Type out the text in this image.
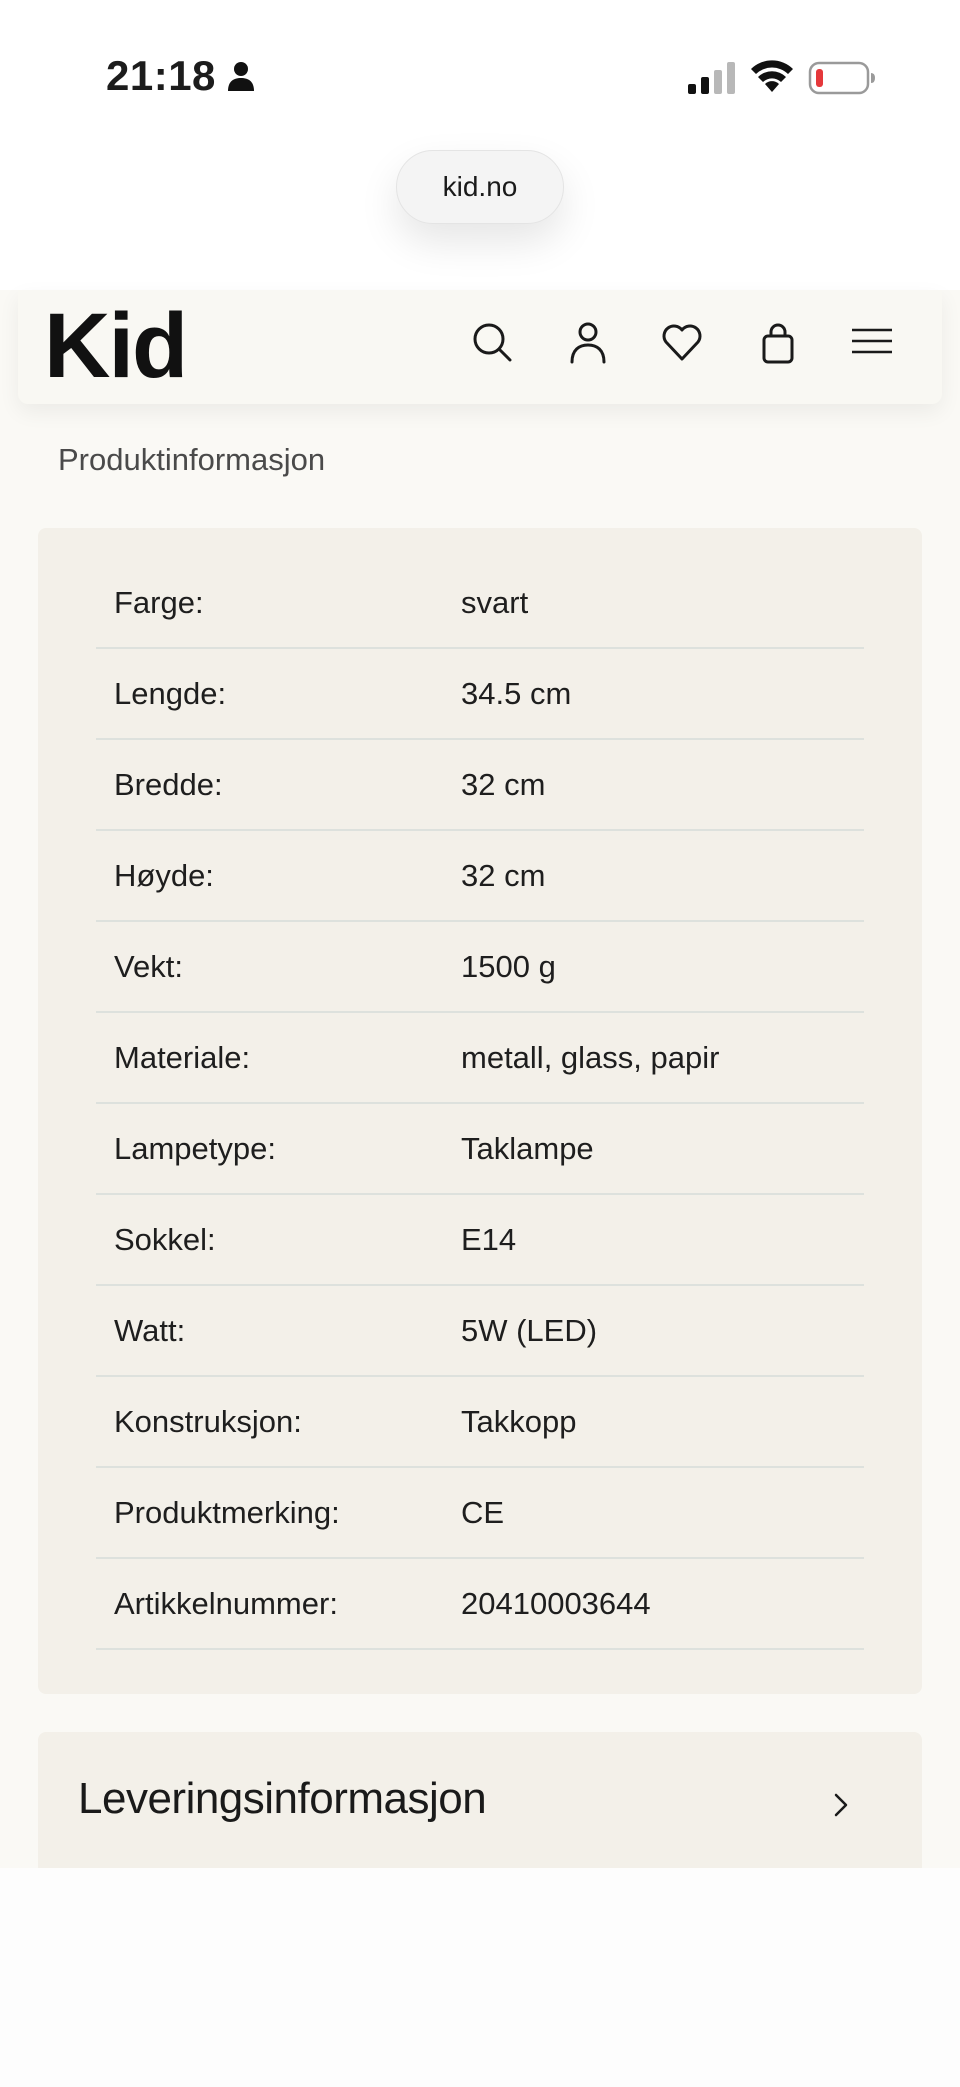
21:18
kid.no
Kid
Produktinformasjon
Farge:	svart
Lengde:	34.5 cm
Bredde:	32 cm
Høyde:	32 cm
Vekt:	1500 g
Materiale:	metall, glass, papir
Lampetype:	Taklampe
Sokkel:	E14
Watt:	5W (LED)
Konstruksjon:	Takkopp
Produktmerking:	CE
Artikkelnummer:	20410003644
Leveringsinformasjon
